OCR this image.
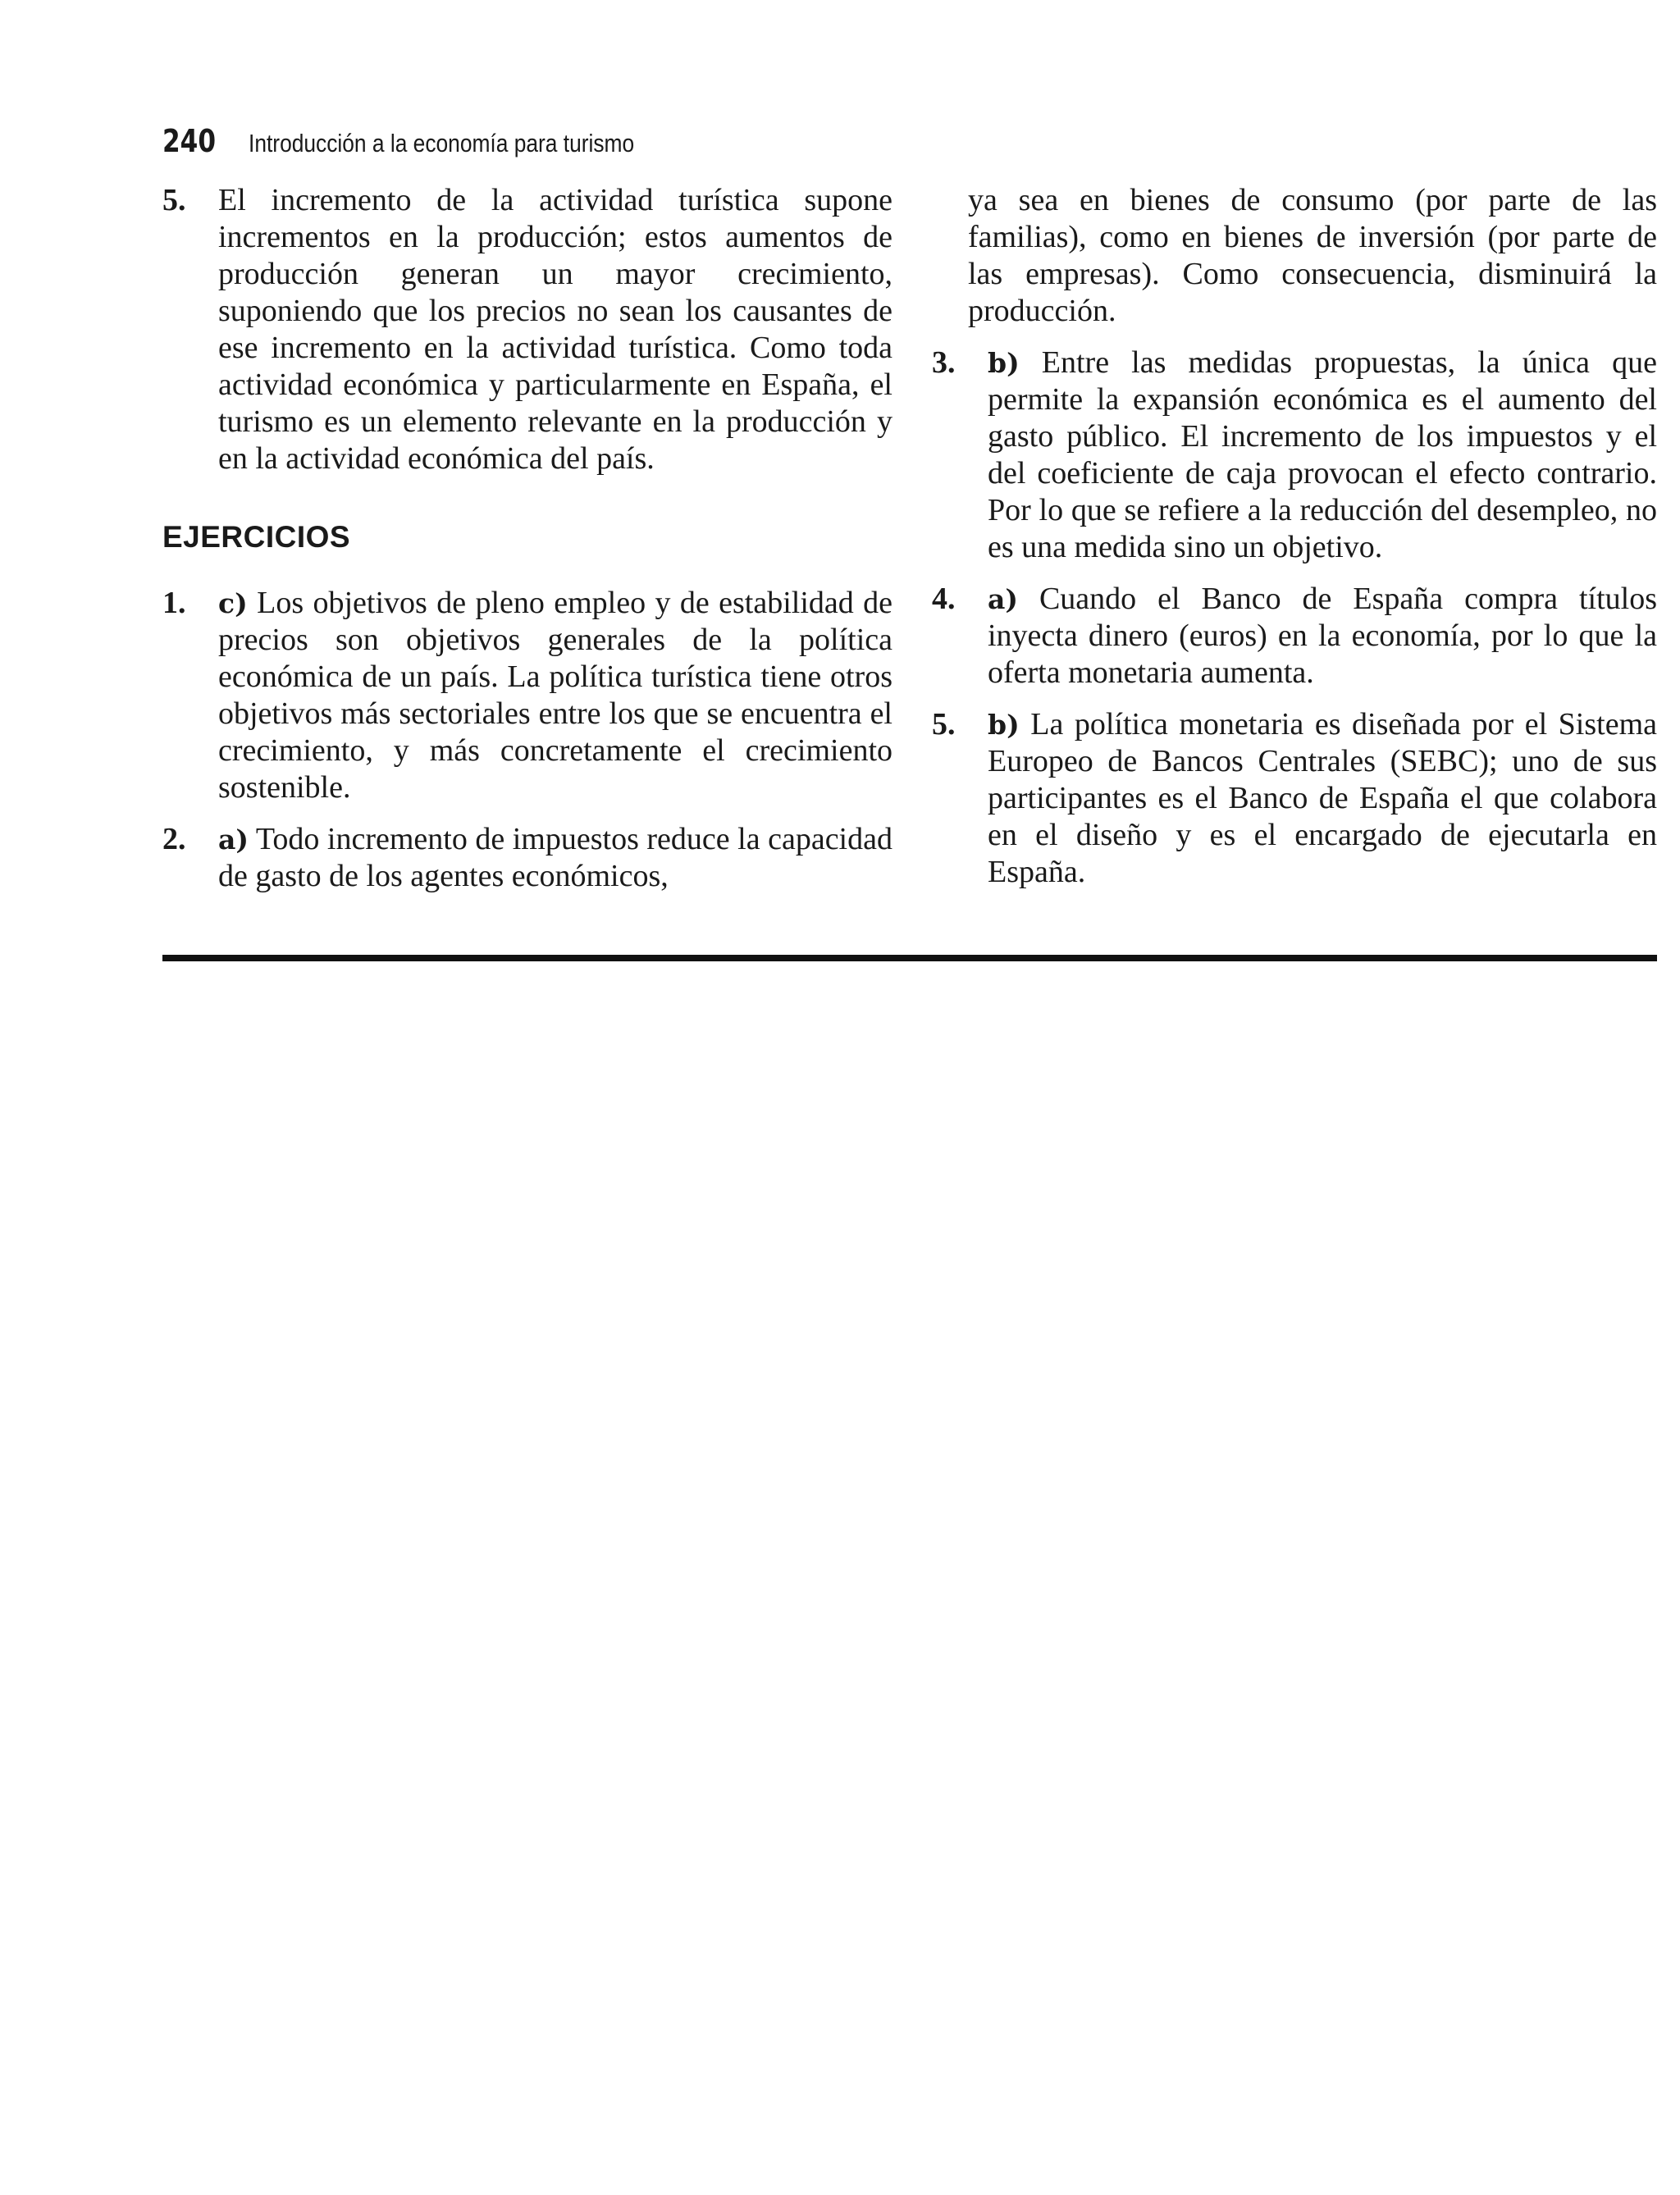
240 Introducción a la economía para turismo
5.	El incremento de la actividad turística supone incrementos en la producción; estos aumentos de producción generan un mayor crecimiento, suponiendo que los precios no sean los causantes de ese incremento en la actividad turística. Como toda actividad económica y particularmente en España, el turismo es un elemento relevante en la producción y en la actividad económica del país.
EJERCICIOS
1.	c) Los objetivos de pleno empleo y de estabilidad de precios son objetivos generales de la política económica de un país. La política turística tiene otros objetivos más sectoriales entre los que se encuentra el crecimiento, y más concretamente el crecimiento sostenible.
2.	a) Todo incremento de impuestos reduce la capacidad de gasto de los agentes económicos,
ya sea en bienes de consumo (por parte de las familias), como en bienes de inversión (por parte de las empresas). Como consecuencia, disminuirá la producción.
3.	b) Entre las medidas propuestas, la única que permite la expansión económica es el aumento del gasto público. El incremento de los impuestos y el del coeficiente de caja provocan el efecto contrario. Por lo que se refiere a la reducción del desempleo, no es una medida sino un objetivo.
4.	a) Cuando el Banco de España compra títulos inyecta dinero (euros) en la economía, por lo que la oferta monetaria aumenta.
5.	b) La política monetaria es diseñada por el Sistema Europeo de Bancos Centrales (SEBC); uno de sus participantes es el Banco de España el que colabora en el diseño y es el encargado de ejecutarla en España.
